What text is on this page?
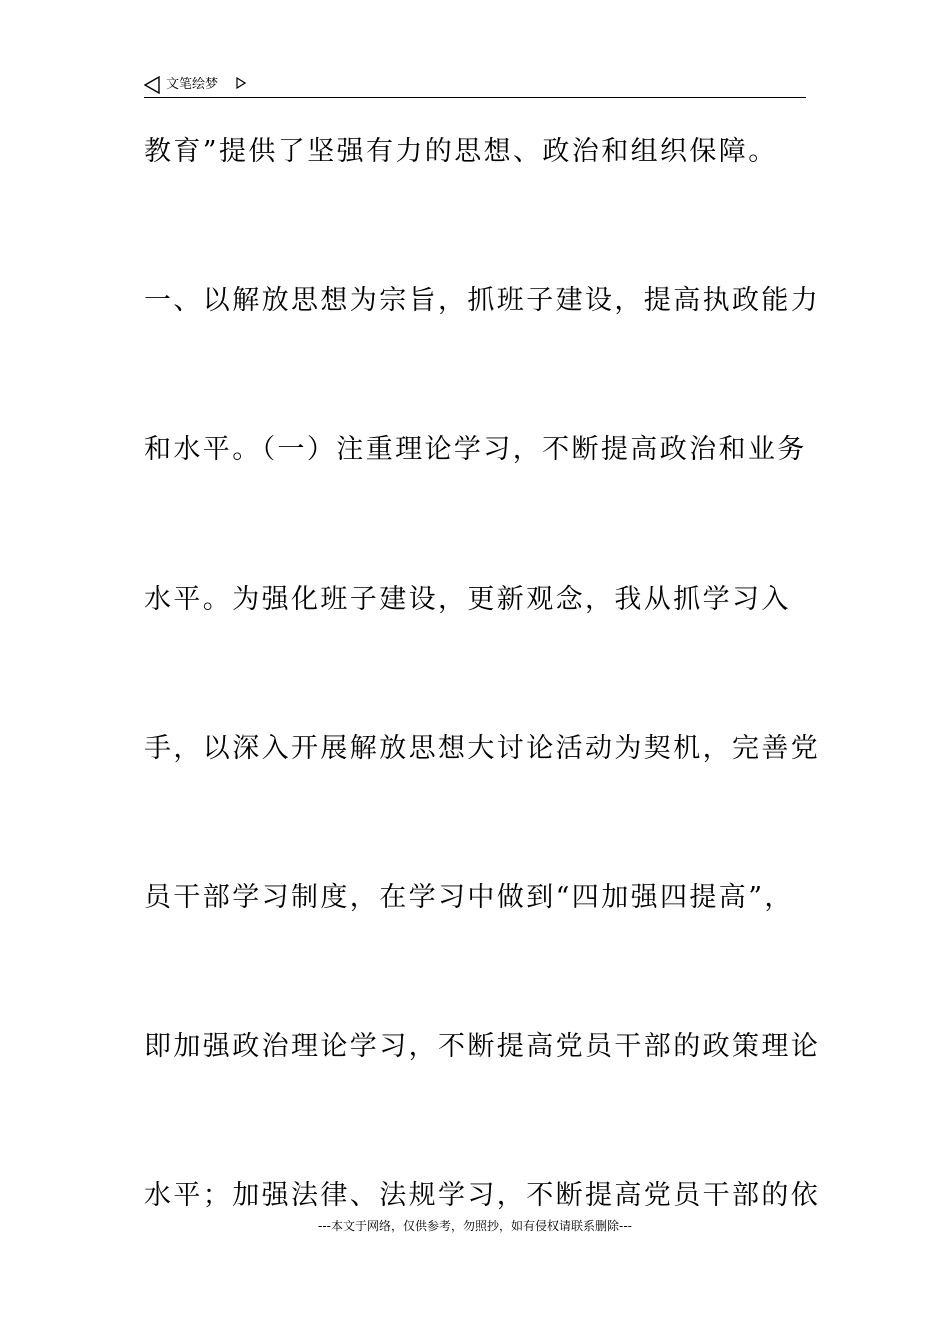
文笔绘梦
教育”提供了坚强有力的思想、政治和组织保障。
一、以解放思想为宗旨，抓班子建设，提高执政能力
和水平。（一）注重理论学习，不断提高政治和业务
水平。为强化班子建设，更新观念，我从抓学习入
手，以深入开展解放思想大讨论活动为契机，完善党
员干部学习制度，在学习中做到“四加强四提高”，
即加强政治理论学习，不断提高党员干部的政策理论
水平；加强法律、法规学习，不断提高党员干部的依
---本文于网络，仅供参考，勿照抄，如有侵权请联系删除---
